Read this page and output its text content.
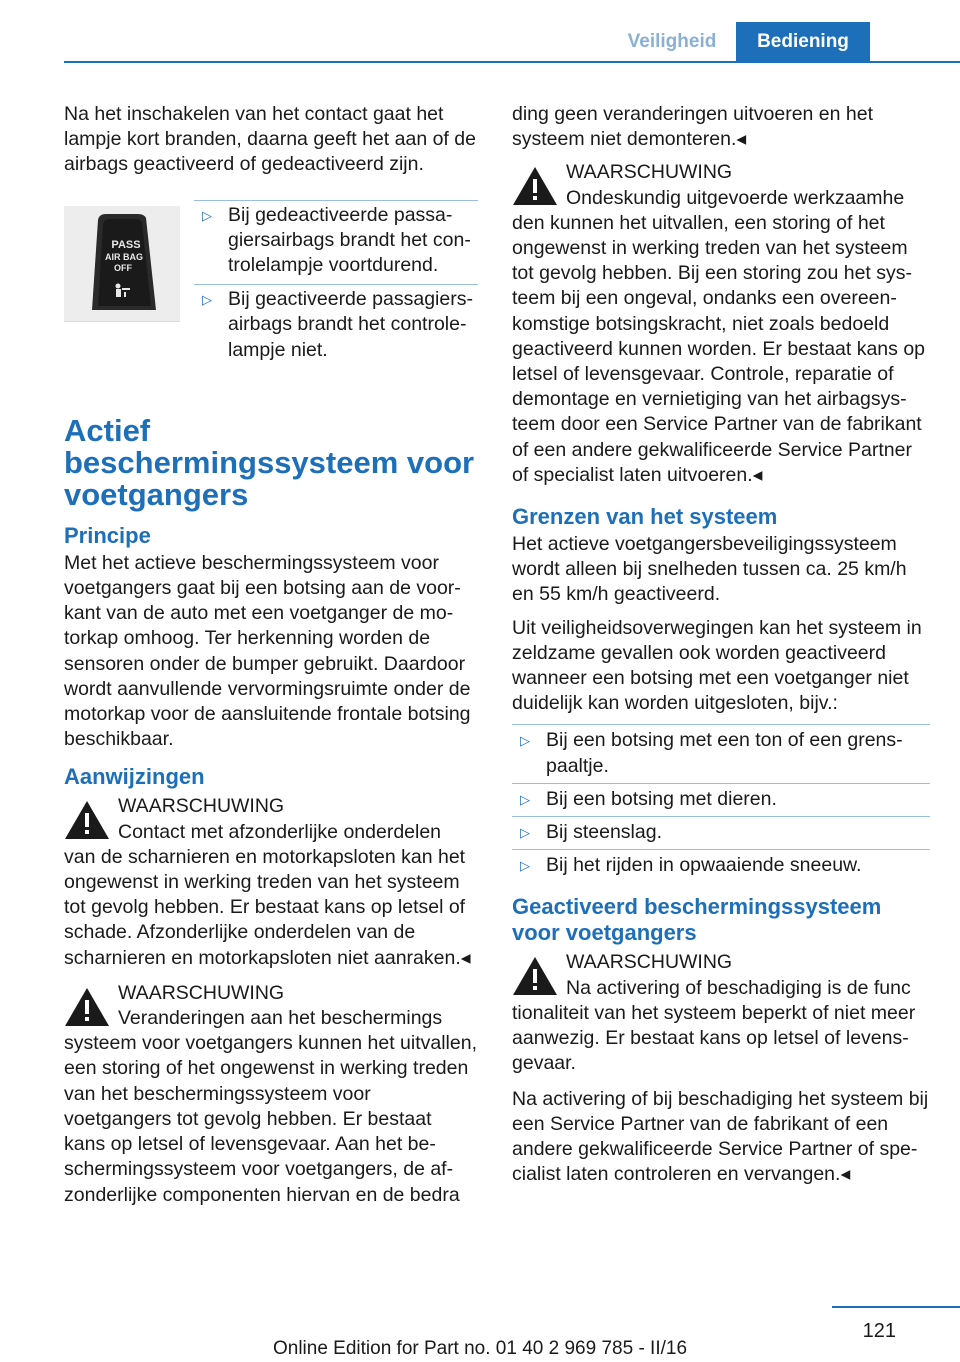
Veiligheid	Bediening

Na het inschakelen van het contact gaat het lampje kort branden, daarna geeft het aan of de airbags geactiveerd of gedeactiveerd zijn.

PASS
AIR BAG
OFF
▷ Bij gedeactiveerde passagiersairbags brandt het controlelampje voortdurend.
▷ Bij geactiveerde passagiersairbags brandt het controlelampje niet.
Actief beschermingssysteem voor voetgangers
Principe

Met het actieve beschermingssysteem voor voetgangers gaat bij een botsing aan de voorkant van de auto met een voetganger de motorkap omhoog. Ter herkenning worden de sensoren onder de bumper gebruikt. Daardoor wordt aanvullende vervormingsruimte onder de motorkap voor de aansluitende frontale botsing beschikbaar.

Aanwijzingen
WAARSCHUWING
Contact met afzonderlijke onderdelen
van de scharnieren en motorkapsloten kan het ongewenst in werking treden van het systeem tot gevolg hebben. Er bestaat kans op letsel of schade. Afzonderlijke onderdelen van de scharnieren en motorkapsloten niet aanraken.◂
WAARSCHUWING
Veranderingen aan het beschermings
systeem voor voetgangers kunnen het uitvallen, een storing of het ongewenst in werking treden van het beschermingssysteem voor voetgangers tot gevolg hebben. Er bestaat kans op letsel of levensgevaar. Aan het beschermingssysteem voor voetgangers, de afzonderlijke componenten hiervan en de bedra

ding geen veranderingen uitvoeren en het systeem niet demonteren.◂

WAARSCHUWING
Ondeskundig uitgevoerde werkzaamhe
den kunnen het uitvallen, een storing of het ongewenst in werking treden van het systeem tot gevolg hebben. Bij een storing zou het systeem bij een ongeval, ondanks een overeenkomstige botsingskracht, niet zoals bedoeld geactiveerd kunnen worden. Er bestaat kans op letsel of levensgevaar. Controle, reparatie of demontage en vernietiging van het airbagsysteem door een Service Partner van de fabrikant of een andere gekwalificeerde Service Partner of specialist laten uitvoeren.◂
Grenzen van het systeem

Het actieve voetgangersbeveiligingssysteem wordt alleen bij snelheden tussen ca. 25 km/h en 55 km/h geactiveerd.

Uit veiligheidsoverwegingen kan het systeem in zeldzame gevallen ook worden geactiveerd wanneer een botsing met een voetganger niet duidelijk kan worden uitgesloten, bijv.:

▷ Bij een botsing met een ton of een grenspaaltje.
▷ Bij een botsing met dieren.
▷ Bij steenslag.
▷ Bij het rijden in opwaaiende sneeuw.
Geactiveerd beschermingssysteem voor voetgangers
WAARSCHUWING
Na activering of beschadiging is de func
tionaliteit van het systeem beperkt of niet meer aanwezig. Er bestaat kans op letsel of levensgevaar.

Na activering of bij beschadiging het systeem bij een Service Partner van de fabrikant of een andere gekwalificeerde Service Partner of specialist laten controleren en vervangen.◂

121
Online Edition for Part no. 01 40 2 969 785 - II/16
